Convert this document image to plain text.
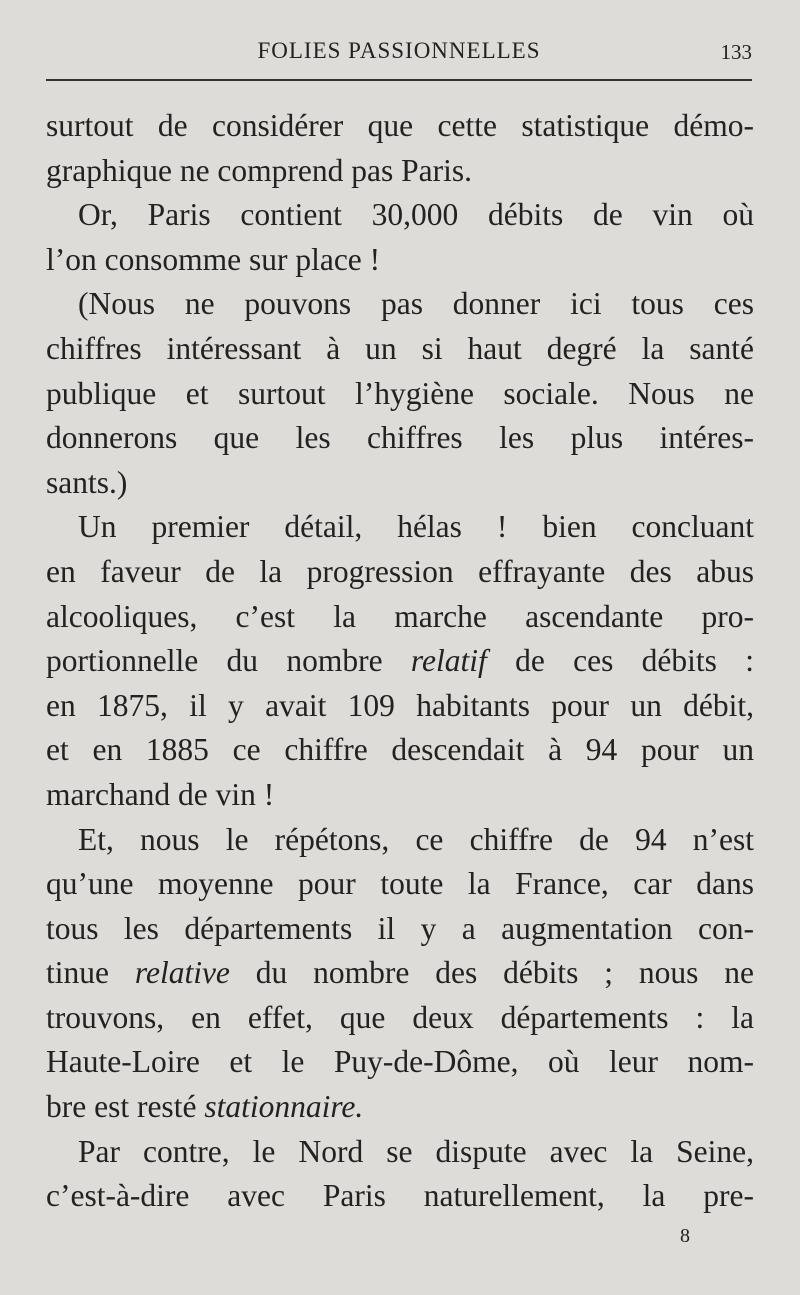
FOLIES PASSIONNELLES	133
surtout de considérer que cette statistique démo-
graphique ne comprend pas Paris.
Or, Paris contient 30,000 débits de vin où
l’on consomme sur place !
(Nous ne pouvons pas donner ici tous ces
chiffres intéressant à un si haut degré la santé
publique et surtout l’hygiène sociale. Nous ne
donnerons que les chiffres les plus intéres-
sants.)
Un premier détail, hélas ! bien concluant
en faveur de la progression effrayante des abus
alcooliques, c’est la marche ascendante pro-
portionnelle du nombre relatif de ces débits :
en 1875, il y avait 109 habitants pour un débit,
et en 1885 ce chiffre descendait à 94 pour un
marchand de vin !
Et, nous le répétons, ce chiffre de 94 n’est
qu’une moyenne pour toute la France, car dans
tous les départements il y a augmentation con-
tinue relative du nombre des débits ; nous ne
trouvons, en effet, que deux départements : la
Haute-Loire et le Puy-de-Dôme, où leur nom-
bre est resté stationnaire.
Par contre, le Nord se dispute avec la Seine,
c’est-à-dire avec Paris naturellement, la pre-
8
